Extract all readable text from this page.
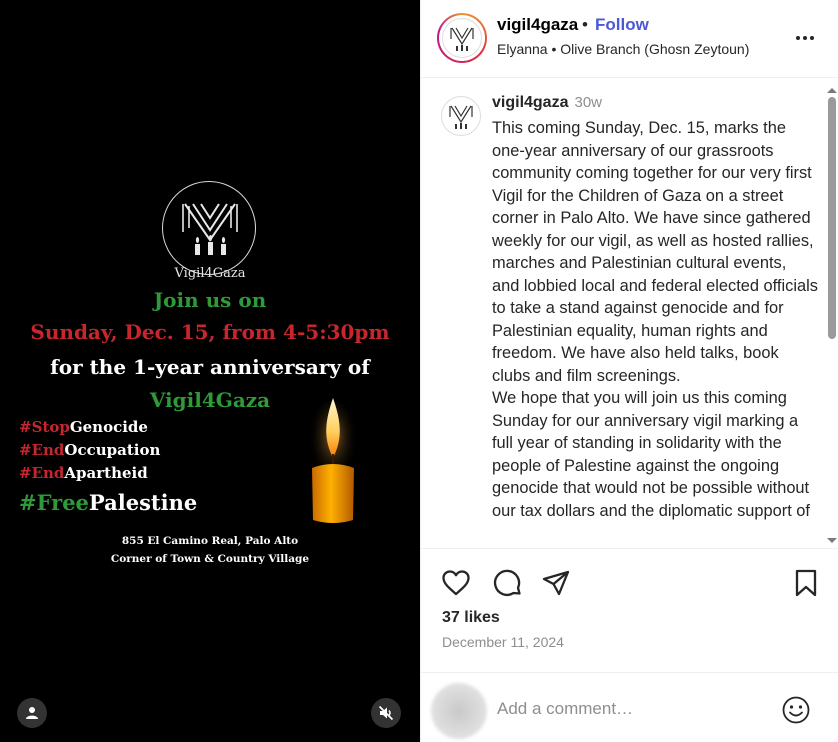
Vigil4Gaza
Join us on
Sunday, Dec. 15, from 4-5:30pm
for the 1-year anniversary of
Vigil4Gaza
#StopGenocide
#EndOccupation
#EndApartheid
#FreePalestine
855 El Camino Real, Palo Alto
Corner of Town & Country Village
vigil4gaza • Follow
Elyanna • Olive Branch (Ghosn Zeytoun)
vigil4gaza 30w
This coming Sunday, Dec. 15, marks the one-year anniversary of our grassroots community coming together for our very first Vigil for the Children of Gaza on a street corner in Palo Alto. We have since gathered weekly for our vigil, as well as hosted rallies, marches and Palestinian cultural events, and lobbied local and federal elected officials to take a stand against genocide and for Palestinian equality, human rights and freedom. We have also held talks, book clubs and film screenings.
We hope that you will join us this coming Sunday for our anniversary vigil marking a full year of standing in solidarity with the people of Palestine against the ongoing genocide that would not be possible without our tax dollars and the diplomatic support of
37 likes
December 11, 2024
Add a comment…
